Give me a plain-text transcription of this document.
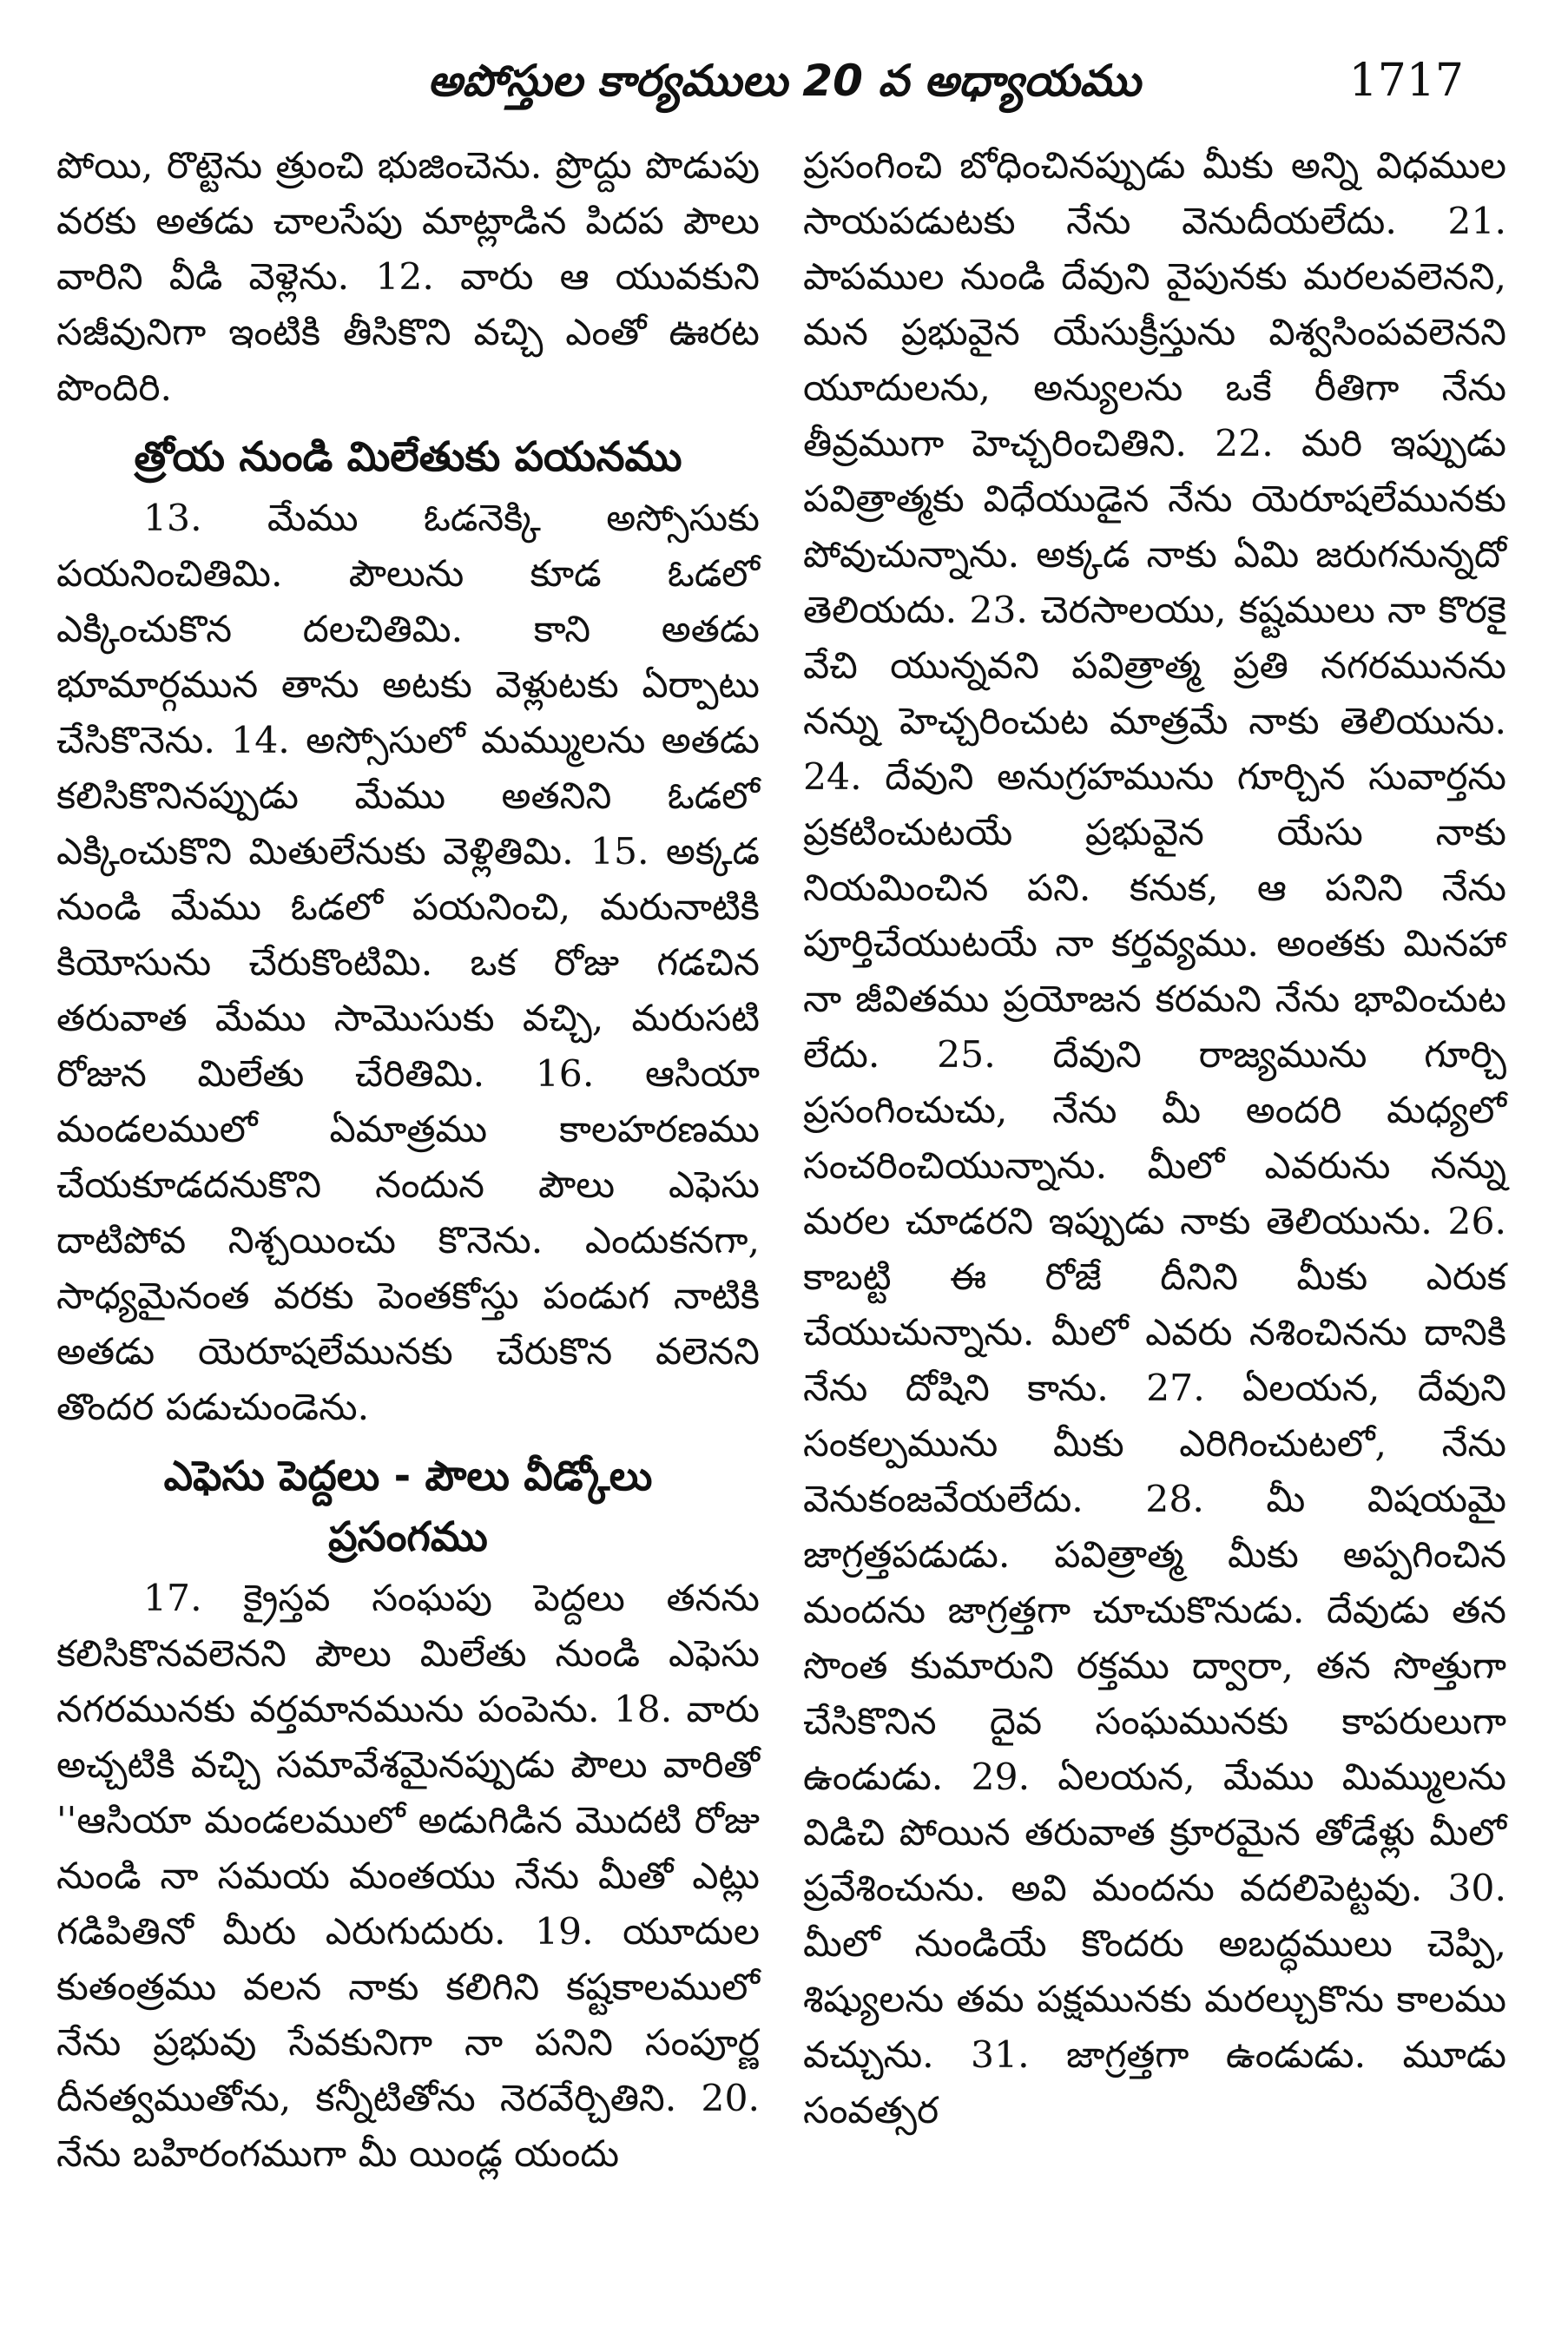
అపోస్తుల కార్యములు 20 వ అధ్యాయము	1717

పోయి, రొట్టెను త్రుంచి భుజించెను. ప్రొద్దు పొడుపు వరకు అతడు చాలసేపు మాట్లాడిన పిదప పౌలు వారిని వీడి వెళ్లెను. 12. వారు ఆ యువకుని సజీవునిగా ఇంటికి తీసికొని వచ్చి ఎంతో ఊరట పొందిరి.

త్రోయ నుండి మిలేతుకు పయనము

13. మేము ఓడనెక్కి అస్సోసుకు పయనించితిమి. పౌలును కూడ ఓడలో ఎక్కించుకొన దలచితిమి. కాని అతడు భూమార్గమున తాను అటకు వెళ్లుటకు ఏర్పాటు చేసికొనెను. 14. అస్సోసులో మమ్ములను అతడు కలిసికొనినప్పుడు మేము అతనిని ఓడలో ఎక్కించుకొని మితులేనుకు వెళ్లితిమి. 15. అక్కడ నుండి మేము ఓడలో పయనించి, మరునాటికి కియోసును చేరుకొంటిమి. ఒక రోజు గడచిన తరువాత మేము సామొసుకు వచ్చి, మరుసటి రోజున మిలేతు చేరితిమి. 16. ఆసియా మండలములో ఏమాత్రము కాలహరణము చేయకూడదనుకొని నందున పౌలు ఎఫెసు దాటిపోవ నిశ్చయించు కొనెను. ఎందుకనగా, సాధ్యమైనంత వరకు పెంతకోస్తు పండుగ నాటికి అతడు యెరూషలేమునకు చేరుకొన వలెనని తొందర పడుచుండెను.

ఎఫెసు పెద్దలు - పౌలు వీడ్కోలు
ప్రసంగము

17. క్రైస్తవ సంఘపు పెద్దలు తనను కలిసికొనవలెనని పౌలు మిలేతు నుండి ఎఫెసు నగరమునకు వర్తమానమును పంపెను. 18. వారు అచ్చటికి వచ్చి సమావేశమైనప్పుడు పౌలు వారితో ''ఆసియా మండలములో అడుగిడిన మొదటి రోజు నుండి నా సమయ మంతయు నేను మీతో ఎట్లు గడిపితినో మీరు ఎరుగుదురు. 19. యూదుల కుతంత్రము వలన నాకు కలిగిని కష్టకాలములో నేను ప్రభువు సేవకునిగా నా పనిని సంపూర్ణ దీనత్వముతోను, కన్నీటితోను నెరవేర్చితిని. 20. నేను బహిరంగముగా మీ యిండ్ల యందు

ప్రసంగించి బోధించినప్పుడు మీకు అన్ని విధముల సాయపడుటకు నేను వెనుదీయలేదు. 21. పాపముల నుండి దేవుని వైపునకు మరలవలెనని, మన ప్రభువైన యేసుక్రీస్తును విశ్వసింపవలెనని యూదులను, అన్యులను ఒకే రీతిగా నేను తీవ్రముగా హెచ్చరించితిని. 22. మరి ఇప్పుడు పవిత్రాత్మకు విధేయుడైన నేను యెరూషలేమునకు పోవుచున్నాను. అక్కడ నాకు ఏమి జరుగనున్నదో తెలియదు. 23. చెరసాలయు, కష్టములు నా కొరకై వేచి యున్నవని పవిత్రాత్మ ప్రతి నగరమునను నన్ను హెచ్చరించుట మాత్రమే నాకు తెలియును. 24. దేవుని అనుగ్రహమును గూర్చిన సువార్తను ప్రకటించుటయే ప్రభువైన యేసు నాకు నియమించిన పని. కనుక, ఆ పనిని నేను పూర్తిచేయుటయే నా కర్తవ్యము. అంతకు మినహా నా జీవితము ప్రయోజన కరమని నేను భావించుట లేదు. 25. దేవుని రాజ్యమును గూర్చి ప్రసంగించుచు, నేను మీ అందరి మధ్యలో సంచరించియున్నాను. మీలో ఎవరును నన్ను మరల చూడరని ఇప్పుడు నాకు తెలియును. 26. కాబట్టి ఈ రోజే దీనిని మీకు ఎరుక చేయుచున్నాను. మీలో ఎవరు నశించినను దానికి నేను దోషిని కాను. 27. ఏలయన, దేవుని సంకల్పమును మీకు ఎరిగించుటలో, నేను వెనుకంజవేయలేదు. 28. మీ విషయమై జాగ్రత్తపడుడు. పవిత్రాత్మ మీకు అప్పగించిన మందను జాగ్రత్తగా చూచుకొనుడు. దేవుడు తన సొంత కుమారుని రక్తము ద్వారా, తన సొత్తుగా చేసికొనిన దైవ సంఘమునకు కాపరులుగా ఉండుడు. 29. ఏలయన, మేము మిమ్ములను విడిచి పోయిన తరువాత క్రూరమైన తోడేళ్లు మీలో ప్రవేశించును. అవి మందను వదలిపెట్టవు. 30. మీలో నుండియే కొందరు అబద్ధములు చెప్పి, శిష్యులను తమ పక్షమునకు మరల్చుకొను కాలము వచ్చును. 31. జాగ్రత్తగా ఉండుడు. మూడు సంవత్సర
